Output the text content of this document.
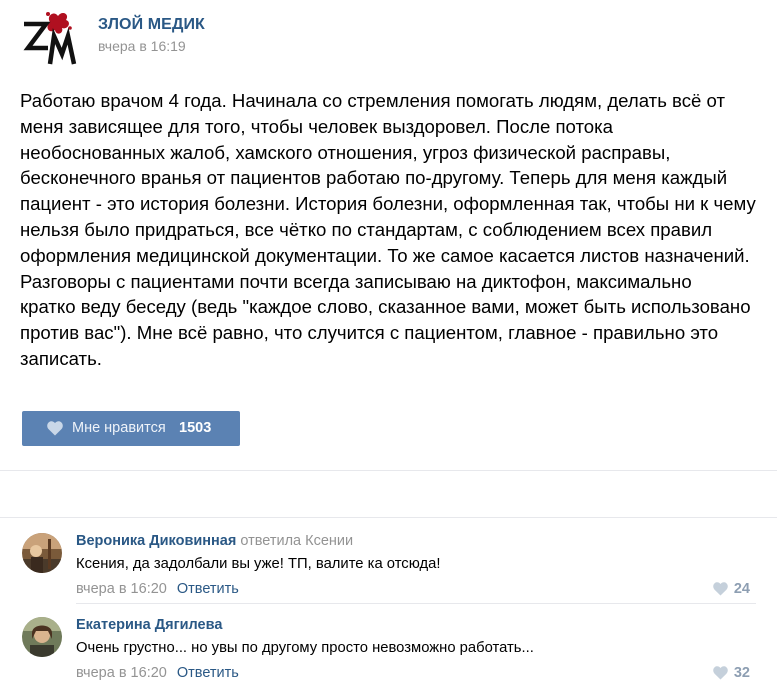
ЗЛОЙ МЕДИК
вчера в 16:19
Работаю врачом 4 года. Начинала со стремления помогать людям, делать всё от
меня зависящее для того, чтобы человек выздоровел. После потока
необоснованных жалоб, хамского отношения, угроз физической расправы,
бесконечного вранья от пациентов работаю по-другому. Теперь для меня каждый
пациент - это история болезни. История болезни, оформленная так, чтобы ни к чему
нельзя было придраться, все чётко по стандартам, с соблюдением всех правил
оформления медицинской документации. То же самое касается листов назначений.
Разговоры с пациентами почти всегда записываю на диктофон, максимально
кратко веду беседу (ведь "каждое слово, сказанное вами, может быть использовано
против вас"). Мне всё равно, что случится с пациентом, главное - правильно это
записать.
Мне нравится 1503
Вероника Диковинная ответила Ксении
Ксения, да задолбали вы уже! ТП, валите ка отсюда!
вчера в 16:20 Ответить	24
Екатерина Дягилева
Очень грустно... но увы по другому просто невозможно работать...
вчера в 16:20 Ответить	32
